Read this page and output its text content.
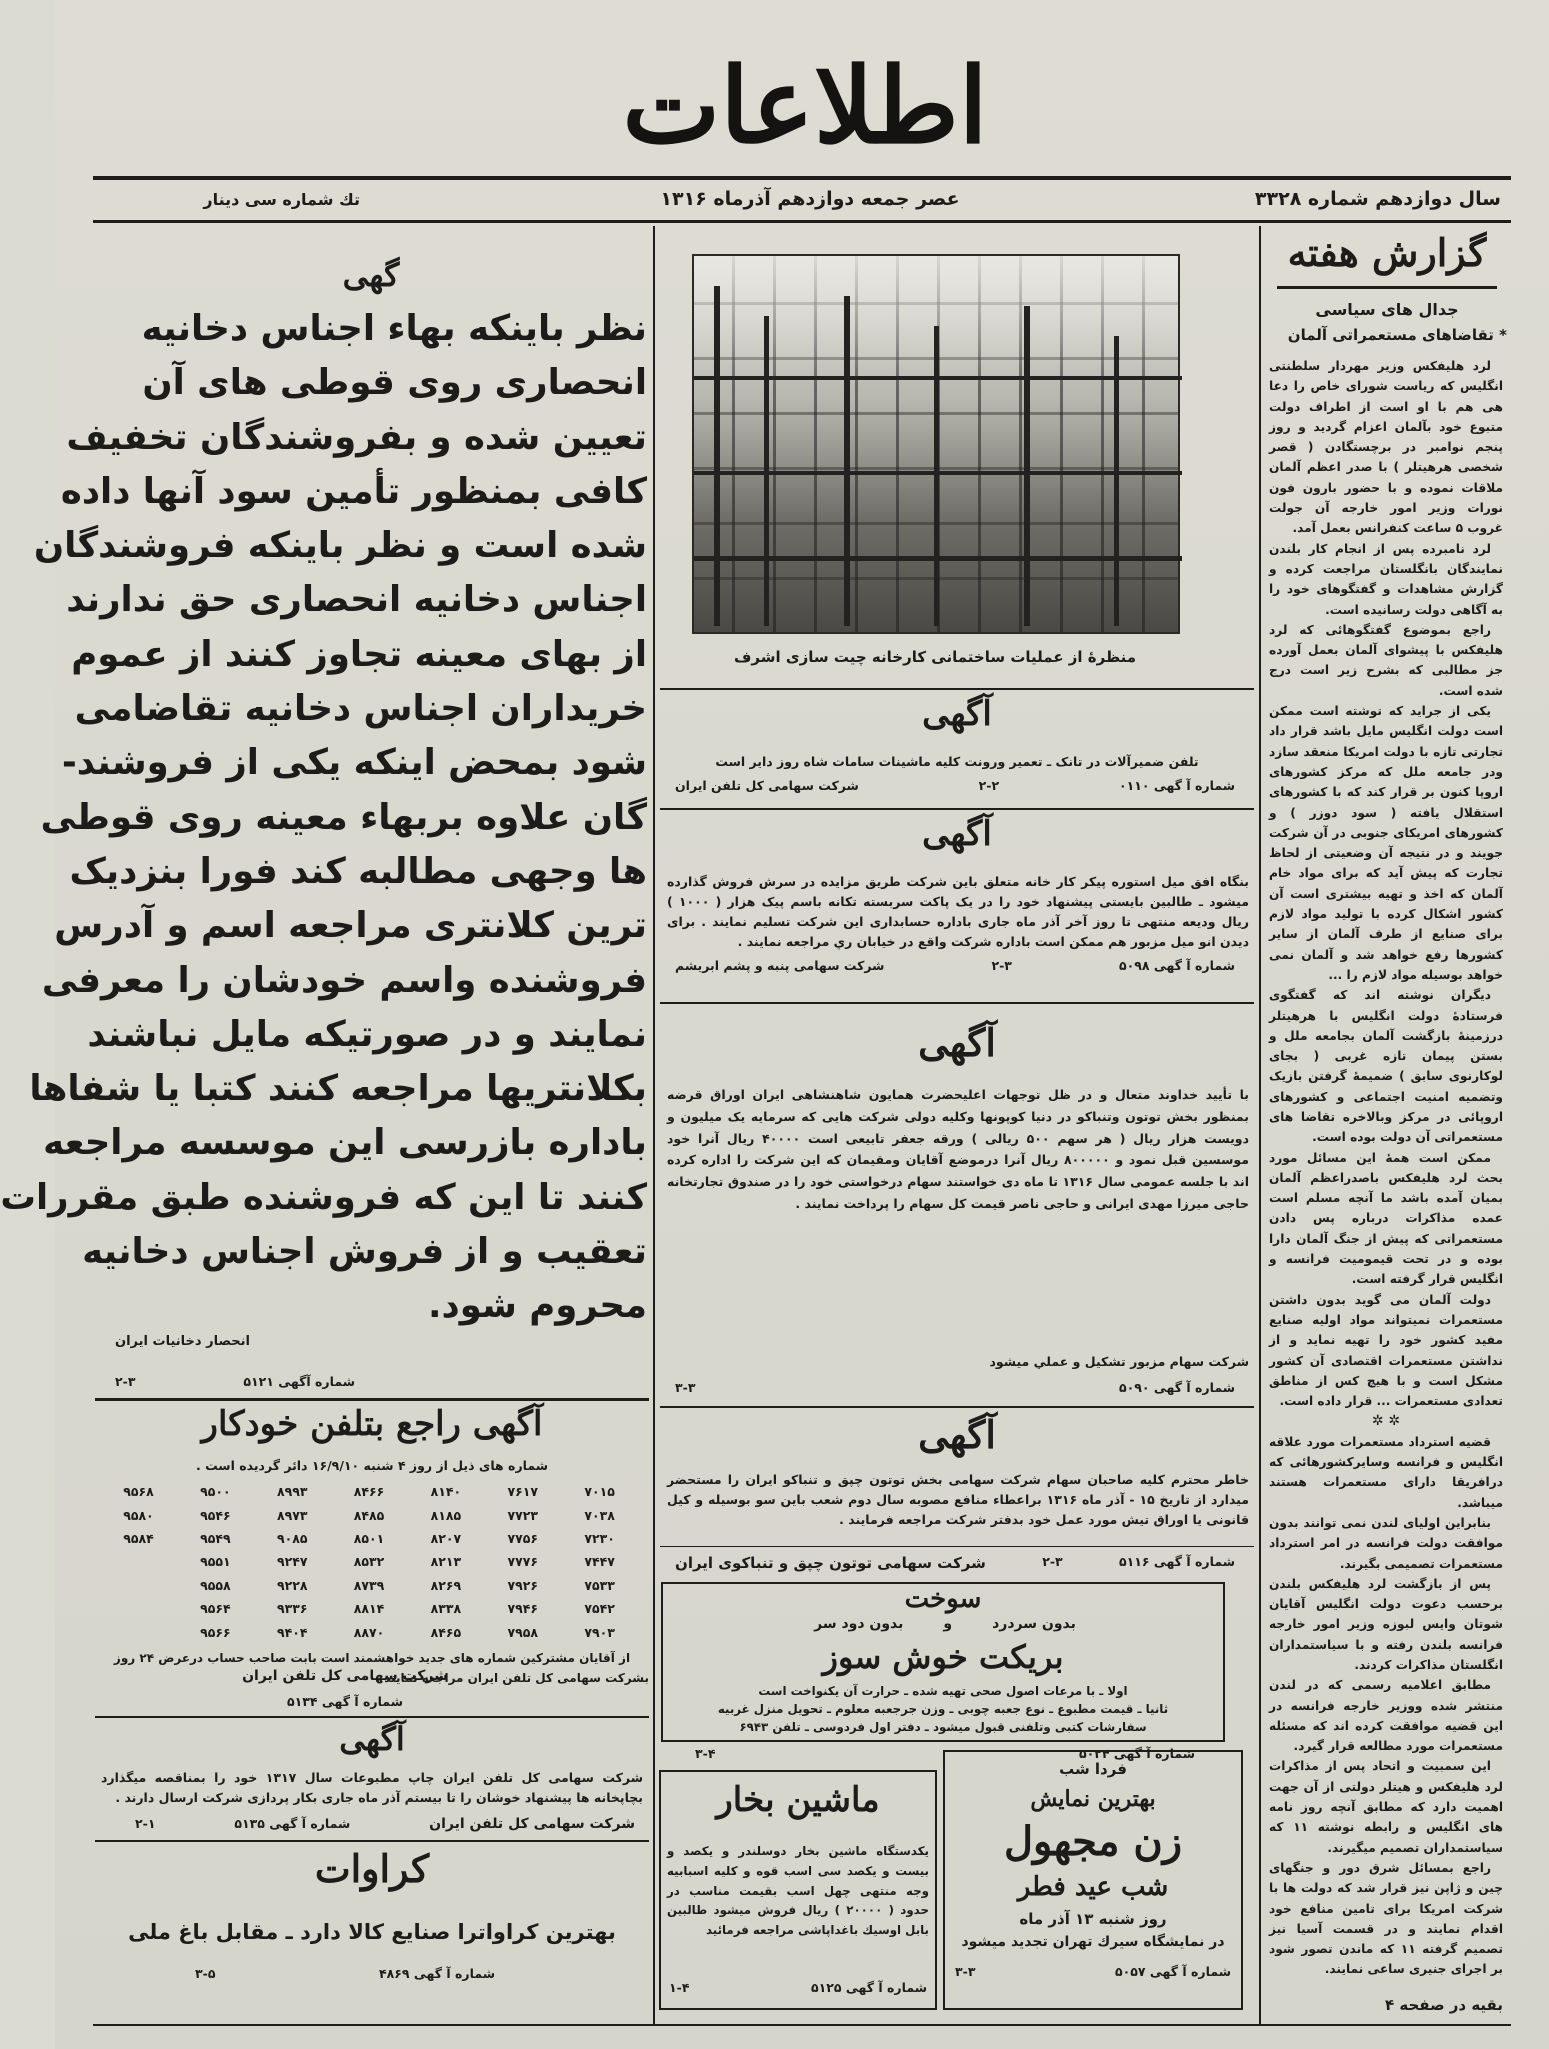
اطلاعات
سال دوازدهم شماره ۳۳۲۸
عصر جمعه دوازدهم آذرماه ۱۳۱۶
تك شماره سی دینار
گزارش هفته
جدال های سیاسی
* تقاضاهای مستعمراتی آلمان

لرد هلیفکس وزیر مهردار سلطنتی انگلیس که ریاست شورای خاص را دعا هی هم با او است از اطراف دولت متبوع خود بآلمان اعزام گردید و روز پنجم نوامبر در برچستگادن ( قصر شخصی هرهیتلر ) با صدر اعظم آلمان ملاقات نموده و با حضور بارون فون نورات وزیر امور خارجه آن جولت غروب ۵ ساعت کنفرانس بعمل آمد.

لرد نامبرده پس از انجام کار بلندن نمایندگان بانگلستان مراجعت کرده و گزارش مشاهدات و گفتگوهای خود را به آگاهی دولت رسانیده است.

راجع بموضوع گفتگوهائی که لرد هلیفکس با پیشوای آلمان بعمل آورده جز مطالبی که بشرح زیر است درج شده است.

یکی از جراید که توشته است ممکن است دولت انگلیس مایل باشد قرار داد تجارتی تازه با دولت امریکا منعقد سازد ودر جامعه ملل که مرکز کشورهای اروپا کنون بر قرار کند که با کشورهای استقلال یافته ( سود دوزر ) و کشورهای امریکای جنوبی در آن شرکت جویند و در نتیجه آن وضعیتی از لحاظ تجارت که پیش آید که برای مواد خام آلمان که اخذ و تهیه بیشتری است آن کشور اشکال کرده با تولید مواد لازم برای صنایع از طرف آلمان از سایر کشورها رفع خواهد شد و آلمان نمی خواهد بوسیله مواد لازم را ...

دیگران نوشته اند که گفتگوی فرستادۀ دولت انگلیس با هرهیتلر درزمینۀ بازگشت آلمان بجامعه ملل و بستن پیمان تازه غربی ( بجای لوکارنوی سابق ) ضمیمۀ گرفتن بازیک وتضمیه امنیت اجتماعی و کشورهای اروپائی در مرکز وبالاخره تقاضا های مستعمراتی آن دولت بوده است.

ممکن است همۀ این مسائل مورد بحث لرد هلیفکس باصدراعظم آلمان بمیان آمده باشد ما آنچه مسلم است عمده مذاکرات درباره پس دادن مستعمراتی که پیش از جنگ آلمان دارا بوده و در تحت قیمومیت فرانسه و انگلیس قرار گرفته است.

دولت آلمان می گوید بدون داشتن مستعمرات نمیتواند مواد اولیه صنایع مفید کشور خود را تهیه نماید و از نداشتن مستعمرات اقتصادی آن کشور مشکل است و با هیچ کس از مناطق تعدادی مستعمرات ... قرار داده است.

✲ ✲

قضیه استرداد مستعمرات مورد علاقه انگلیس و فرانسه وسایرکشورهائی که درافریقا دارای مستعمرات هستند میباشد.

بنابراین اولیای لندن نمی توانند بدون موافقت دولت فرانسه در امر استرداد مستعمرات تصمیمی بگیرند.

پس از بازگشت لرد هلیفکس بلندن برحسب دعوت دولت انگلیس آقایان شوتان وایس لبوزه وزیر امور خارجه فرانسه بلندن رفته و با سیاستمداران انگلستان مذاکرات کردند.

مطابق اعلامیه رسمی که در لندن منتشر شده ووزیر خارجه فرانسه در این قضیه موافقت کرده اند که مسئله مستعمرات مورد مطالعه قرار گیرد.

این سمبیت و اتحاد پس از مذاکرات لرد هلیفکس و هیتلر دولتی از آن جهت اهمیت دارد که مطابق آنچه روز نامه های انگلیس و رابطه نوشته ۱۱ که سیاستمداران تصمیم میگیرند.

راجع بمسائل شرق دور و جنگهای چین و ژاپن نیز قرار شد که دولت ها با شرکت امریکا برای تامین منافع خود اقدام نمایند و در قسمت آسیا نیز تصمیم گرفته ۱۱ که ماندن تصور شود بر اجرای جنیری ساعی نمایند.

بقیه در صفحه ۴
منظرۀ از عملیات ساختمانی کارخانه چیت سازی اشرف
آگهی
تلفن ضمیرآلات در تانک ـ تعمیر ورونت کلیه ماشینات سامات شاه روز دایر است
شماره آ گهی ۰۱۱۰
۲-۲
شرکت سهامی کل تلفن ایران
آگهی
بنگاه افق ميل استوره پيکر کار خانه متعلق باين شرکت طريق مزايده در سرش فروش گذارده ميشود ـ طالبين بايستی پيشنهاد خود را در يک پاکت سربسته تکانه باسم پيک هزار ( ۱۰۰۰ ) ريال وديعه منتهی تا روز آخر آذر ماه جاری باداره حسابداری اين شرکت تسليم نمايند . برای ديدن انو ميل مزبور هم ممکن است باداره شرکت واقع در خيابان ري مراجعه نمايند .
شماره آ گهی ۵۰۹۸
۲-۳
شرکت سهامی پنبه و پشم ابريشم
آگهی
با تأييد خداوند متعال و در ظل توجهات اعليحضرت همايون شاهنشاهی ايران اوراق قرضه بمنظور بخش توتون وتنباکو در دنيا کوپونها وکليه دولی شرکت هايی که سرمايه يک ميليون و دويست هزار ريال ( هر سهم ۵۰۰ ريالی ) ورقه جعفر تابيعی است ۴۰۰۰۰ ريال آنرا خود موسسين قبل نمود و ۸۰۰۰۰۰ ريال آنرا درموضع آقایان ومقیمان که اين شرکت را اداره کرده اند با جلسه عمومی سال ۱۳۱۶ تا ماه دی خواستند سهام درخواستی خود را در صندوق تجارتخانه حاجی ميرزا مهدی ايرانی و حاجی ناصر قيمت کل سهام را پرداخت نمايند .
شرکت سهام مزبور تشکيل و عملي ميشود
شماره آ گهی ۵۰۹۰
۳-۳
آگهی
خاطر محترم کليه صاحبان سهام شرکت سهامی بخش توتون چپق و تنباکو ايران را مستحضر میدارد از تاريخ ۱۵ - آذر ماه ۱۳۱۶ براعطاء منافع مصوبه سال دوم شعب باين سو بوسيله و کیل قانونی یا اوراق تیش مورد عمل خود بدفتر شرکت مراجعه فرمایند .
شماره آ گهی ۵۱۱۶
۲-۳
شرکت سهامی توتون چپق و تنباکوی ايران
سوخت
بدون سردرد
و
بدون دود سر
بریکت خوش سوز
اولا ـ با مرعات اصول صحی تهیه شده ـ حرارت آن یکنواخت است
ثانیا ـ قیمت مطبوع ـ نوع جعبه چوبی ـ وزن جرجعبه معلوم ـ تحویل منزل غربیه
سفارشات کتبی وتلفنی قبول میشود ـ دفتر اول فردوسی ـ تلفن ۶۹۴۳
شماره آ گهی ۵۰۲۴
۳-۴
ماشين بخار
يکدستگاه ماشين بخار دوسلندر و يکصد و بيست و يکصد سی اسب قوه و کليه اسبابيه وجه منتهی چهل اسب بقيمت مناسب در حدود ( ۲۰۰۰۰ ) ريال فروش ميشود طالبين بابل اوسيك باغداپاشی مراجعه فرمائيد
شماره آ گهی ۵۱۲۵
۱-۴
فردا شب
بهترين نمايش
زن مجهول
شب عيد فطر
روز شنبه ۱۳ آذر ماه
در نمايشگاه سيرك تهران تجديد ميشود
شماره آ گهی ۵۰۵۷
۳-۳
گهی

نظر باینکه بهاء اجناس دخانیه

انحصاری روی قوطی های آن

تعیین شده و بفروشندگان تخفیف

کافی بمنظور تأمین سود آنها داده

شده است و نظر باینکه فروشندگان

اجناس دخانیه انحصاری حق ندارند

از بهای معینه تجاوز کنند از عموم

خریداران اجناس دخانیه تقاضامی

شود بمحض اینکه یکی از فروشند-

گان علاوه بربهاء معینه روی قوطی

ها وجهی مطالبه کند فورا بنزدیک

ترین کلانتری مراجعه اسم و آدرس

فروشنده واسم خودشان را معرفی

نمایند و در صورتیکه مایل نباشند

بکلانتریها مراجعه کنند کتبا یا شفاها

باداره بازرسی این موسسه مراجعه

کنند تا این که فروشنده طبق مقررات

تعقیب و از فروش اجناس دخانیه

محروم شود.

انحصار دخانیات ایران
شماره آگهی ۵۱۲۱
۲-۳
آگهی راجع بتلفن خودکار
شماره های ذیل از روز ۴ شنبه ۱۶/۹/۱۰ دائر گردیده است .
۷۰۱۵	۷۶۱۷	۸۱۴۰	۸۴۶۶	۸۹۹۳	۹۵۰۰	۹۵۶۸
۷۰۳۸	۷۷۲۳	۸۱۸۵	۸۴۸۵	۸۹۷۳	۹۵۴۶	۹۵۸۰
۷۲۳۰	۷۷۵۶	۸۲۰۷	۸۵۰۱	۹۰۸۵	۹۵۴۹	۹۵۸۴
۷۴۴۷	۷۷۷۶	۸۲۱۳	۸۵۳۲	۹۲۴۷	۹۵۵۱	
۷۵۳۳	۷۹۲۶	۸۲۶۹	۸۷۳۹	۹۲۲۸	۹۵۵۸	
۷۵۴۲	۷۹۴۶	۸۳۳۸	۸۸۱۴	۹۳۳۶	۹۵۶۴	
۷۹۰۳	۷۹۵۸	۸۴۶۵	۸۸۷۰	۹۴۰۴	۹۵۶۶	
از آقایان مشترکین شماره های جدید خواهشمند است بابت صاحب حساب درعرض ۲۴ روز
بشرکت سهامی کل تلفن ایران مراجعه نمایند .
شرکت سهامی کل تلفن ایران
شماره آ گهی ۵۱۳۴
آگهی
شرکت سهامی کل تلفن ایران چاپ مطبوعات سال ۱۳۱۷ خود را بمناقصه میگذارد بچاپخانه ها پیشنهاد خوشان را تا بیستم آذر ماه جاری بکار پردازی شرکت ارسال دارند .
شرکت سهامی کل تلفن ایران
شماره آ گهی ۵۱۳۵
۲-۱
کراوات
بهترین کراواترا صنایع کالا دارد ـ مقابل باغ ملی
شماره آ گهی ۴۸۶۹
۳-۵
